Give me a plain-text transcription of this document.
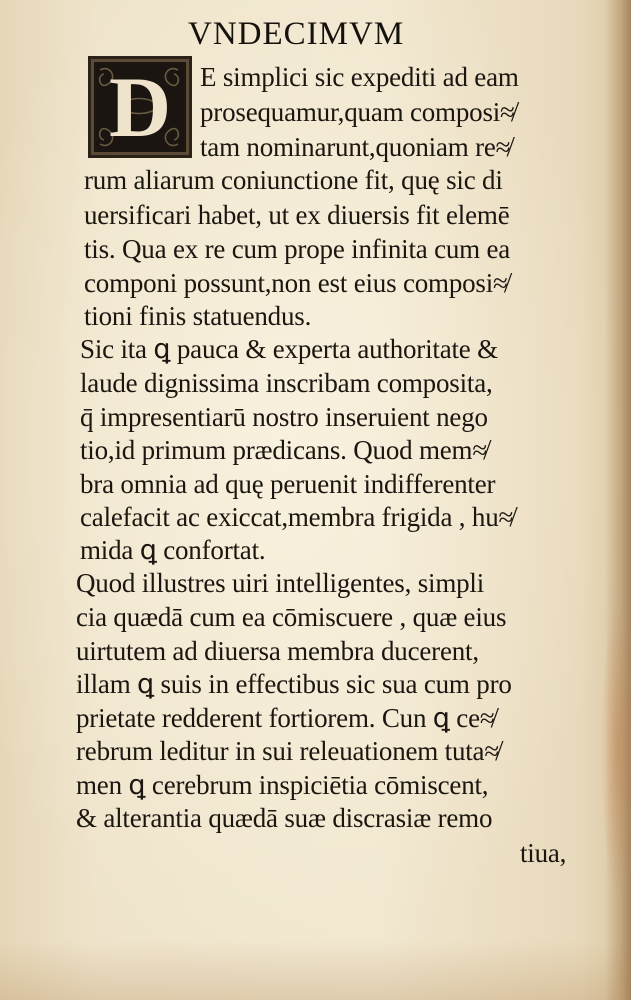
VNDECIMVM
D	E simplici sic expediti ad eam
prosequamur,quam composi≉
tam nominarunt,quoniam re≉
rum aliarum coniunctione fit, quę sic di
uersificari habet, ut ex diuersis fit elemē
tis. Qua ex re cum prope infinita cum ea
componi possunt,non est eius composi≉
tioni finis statuendus.
Sic ita ꝗ pauca & experta authoritate &
laude dignissima inscribam composita,
q̄ impresentiarū nostro inseruient nego
tio,id primum prædicans. Quod mem≉
bra omnia ad quę peruenit indifferenter
calefacit ac exiccat,membra frigida , hu≉
mida ꝗ confortat.
Quod illustres uiri intelligentes, simpli
cia quædā cum ea cōmiscuere , quæ eius
uirtutem ad diuersa membra ducerent,
illam ꝗ suis in effectibus sic sua cum pro
prietate redderent fortiorem. Cun ꝗ ce≉
rebrum leditur in sui releuationem tuta≉
men ꝗ cerebrum inspiciētia cōmiscent,
& alterantia quædā suæ discrasiæ remo
tiua,
